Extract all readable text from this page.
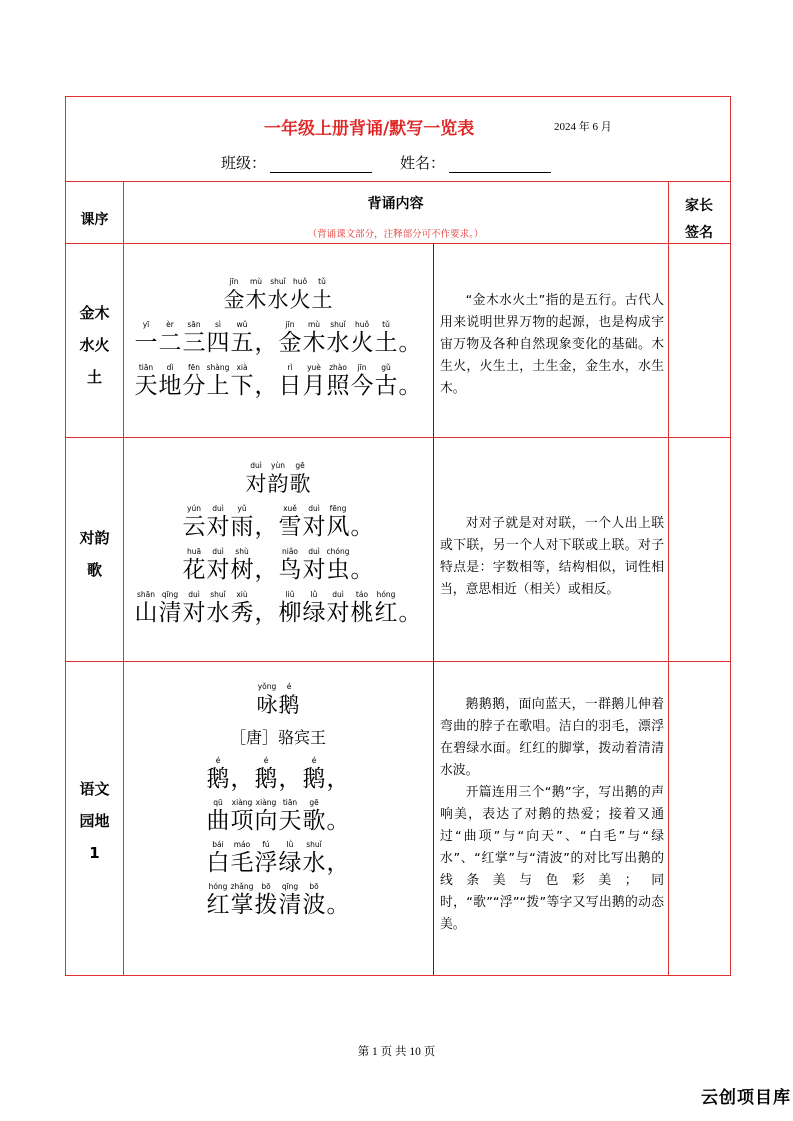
一年级上册背诵/默写一览表	2024 年 6 月
班级：	姓名：
课序
背诵内容
（背诵课文部分，注释部分可不作要求。）
家长签名
金木
水火
土
jīn
金
mù
木
shuǐ
水
huǒ
火
tǔ
土
yī
一
èr
二
sān
三
sì
四
wǔ
五 ，
jīn
金
mù
木
shuǐ
水
huǒ
火
tǔ
土 。
tiān
天
dì
地
fēn
分
shàng
上
xià
下 ，
rì
日
yuè
月
zhào
照
jīn
今
gǔ
古 。

“金木水火土”指的是五行。古代人用来说明世界万物的起源，也是构成宇宙万物及各种自然现象变化的基础。木生火，火生土，土生金，金生水，水生木。

对韵
歌
duì
对
yùn
韵
gē
歌
yún
云
duì
对
yǔ
雨 ，
xuě
雪
duì
对
fēng
风 。
huā
花
duì
对
shù
树 ，
niǎo
鸟
duì
对
chóng
虫 。
shān
山
qīng
清
duì
对
shuǐ
水
xiù
秀 ，
liǔ
柳
lǜ
绿
duì
对
táo
桃
hóng
红 。

对对子就是对对联，一个人出上联或下联，另一个人对下联或上联。对子特点是：字数相等，结构相似，词性相当，意思相近（相关）或相反。

语文
园地
1
yǒng
咏
é
鹅
［唐］骆宾王
é
鹅 ，
é
鹅 ，
é
鹅 ，
qū
曲
xiàng
项
xiàng
向
tiān
天
gē
歌 。
bái
白
máo
毛
fú
浮
lǜ
绿
shuǐ
水 ，
hóng
红
zhǎng
掌
bō
拨
qīng
清
bō
波 。

鹅鹅鹅，面向蓝天，一群鹅儿伸着弯曲的脖子在歌唱。洁白的羽毛，漂浮在碧绿水面。红红的脚掌，拨动着清清水波。

开篇连用三个“鹅”字，写出鹅的声响美，表达了对鹅的热爱；接着又通过“曲项”与“向天”、“白毛”与“绿水”、“红掌”与“清波”的对比写出鹅的线条美与色彩美；同时，“歌”“浮”“拨”等字又写出鹅的动态美。

第 1 页 共 10 页
云创项目库
